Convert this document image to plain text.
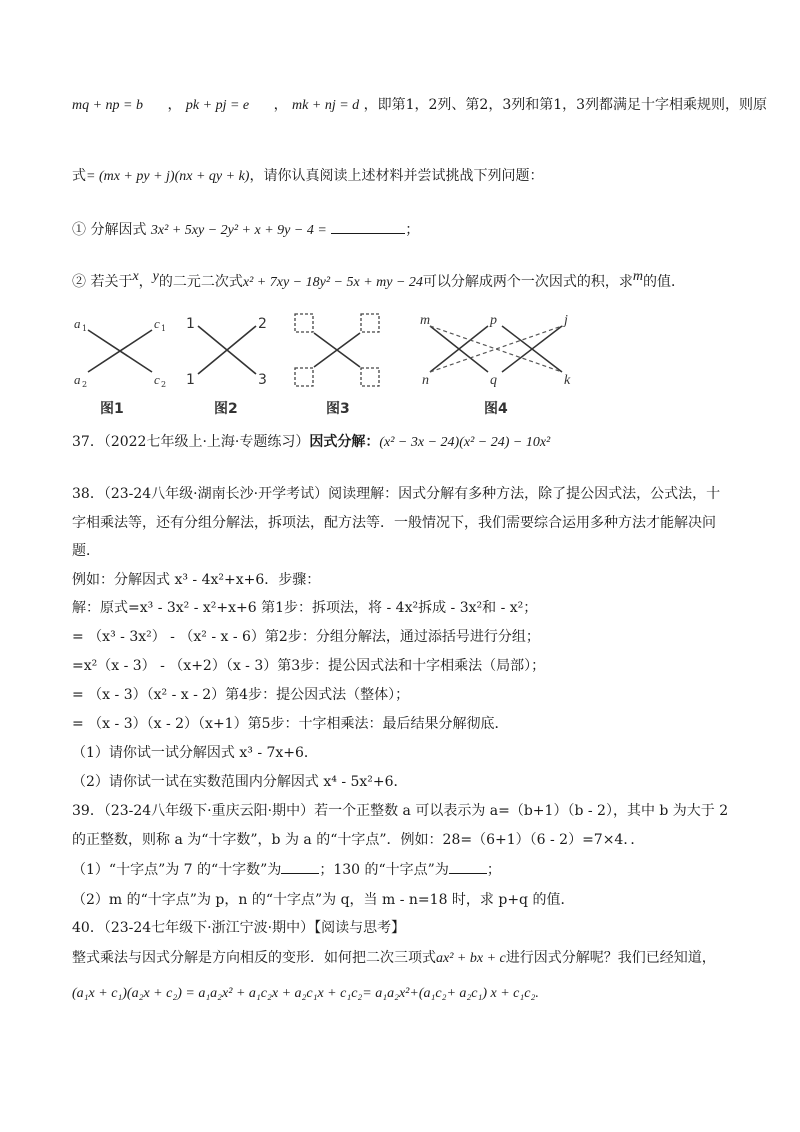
mq + np = b ， pk + pj = e ， mk + nj = d ，即第1，2列、第2，3列和第1，3列都满足十字相乘规则，则原
式= (mx + py + j)(nx + qy + k)，请你认真阅读上述材料并尝试挑战下列问题：
① 分解因式 3x² + 5xy − 2y² + x + 9y − 4 =	；
② 若关于$^x$，$^y$的二元二次式x² + 7xy − 18y² − 5x + my − 24可以分解成两个一次因式的积，求$^m$的值．
a 1
a 2
c 1
c 2
图1
1
1
2
3
图2	图3
m
n
p
q
j
k
图4
37．（2022七年级上·上海·专题练习）因式分解：(x² − 3x − 24)(x² − 24) − 10x²
38．（23-24八年级·湖南长沙·开学考试）阅读理解：因式分解有多种方法，除了提公因式法，公式法，十
字相乘法等，还有分组分解法，拆项法，配方法等．一般情况下，我们需要综合运用多种方法才能解决问
题．
例如：分解因式 x³ - 4x²+x+6．步骤：
解：原式=x³ - 3x² - x²+x+6 第1步：拆项法，将 - 4x²拆成 - 3x²和 - x²；
= （x³ - 3x²） - （x² - x - 6）第2步：分组分解法，通过添括号进行分组；
=x²（x - 3） - （x+2）（x - 3）第3步：提公因式法和十字相乘法（局部）；
= （x - 3）（x² - x - 2）第4步：提公因式法（整体）；
= （x - 3）（x - 2）（x+1）第5步：十字相乘法：最后结果分解彻底．
（1）请你试一试分解因式 x³ - 7x+6．
（2）请你试一试在实数范围内分解因式 x⁴ - 5x²+6．
39．（23-24八年级下·重庆云阳·期中）若一个正整数 a 可以表示为 a=（b+1）（b - 2），其中 b 为大于 2
的正整数，则称 a 为“十字数”，b 为 a 的“十字点”．例如：28=（6+1）（6 - 2）=7×4．．
（1）“十字点”为 7 的“十字数”为	；130 的“十字点”为	；
（2）m 的“十字点”为 p，n 的“十字点”为 q，当 m - n=18 时，求 p+q 的值．
40．（23-24七年级下·浙江宁波·期中）【阅读与思考】
整式乘法与因式分解是方向相反的变形．如何把二次三项式ax² + bx + c进行因式分解呢？我们已经知道，
(a₁x + c₁)(a₂x + c₂) = a₁a₂x² + a₁c₂x + a₂c₁x + c₁c₂= a₁a₂x²+(a₁c₂+ a₂c₁) x + c₁c₂.
